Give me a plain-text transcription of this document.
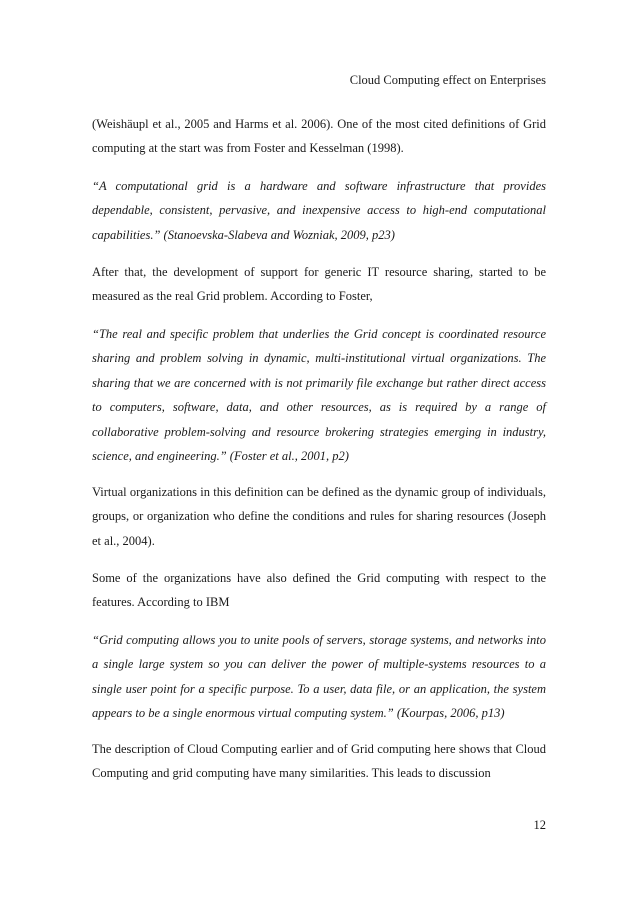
Cloud Computing effect on Enterprises

(Weishäupl et al., 2005 and Harms et al. 2006). One of the most cited definitions of Grid computing at the start was from Foster and Kesselman (1998).

“A computational grid is a hardware and software infrastructure that provides dependable, consistent, pervasive, and inexpensive access to high-end computational capabilities.” (Stanoevska-Slabeva and Wozniak, 2009, p23)

After that, the development of support for generic IT resource sharing, started to be measured as the real Grid problem. According to Foster,

“The real and specific problem that underlies the Grid concept is coordinated resource sharing and problem solving in dynamic, multi-institutional virtual organizations. The sharing that we are concerned with is not primarily file exchange but rather direct access to computers, software, data, and other resources, as is required by a range of collaborative problem-solving and resource brokering strategies emerging in industry, science, and engineering.” (Foster et al., 2001, p2)

Virtual organizations in this definition can be defined as the dynamic group of individuals, groups, or organization who define the conditions and rules for sharing resources (Joseph et al., 2004).

Some of the organizations have also defined the Grid computing with respect to the features. According to IBM

“Grid computing allows you to unite pools of servers, storage systems, and networks into a single large system so you can deliver the power of multiple-systems resources to a single user point for a specific purpose. To a user, data file, or an application, the system appears to be a single enormous virtual computing system.” (Kourpas, 2006, p13)

The description of Cloud Computing earlier and of Grid computing here shows that Cloud Computing and grid computing have many similarities. This leads to discussion

12
